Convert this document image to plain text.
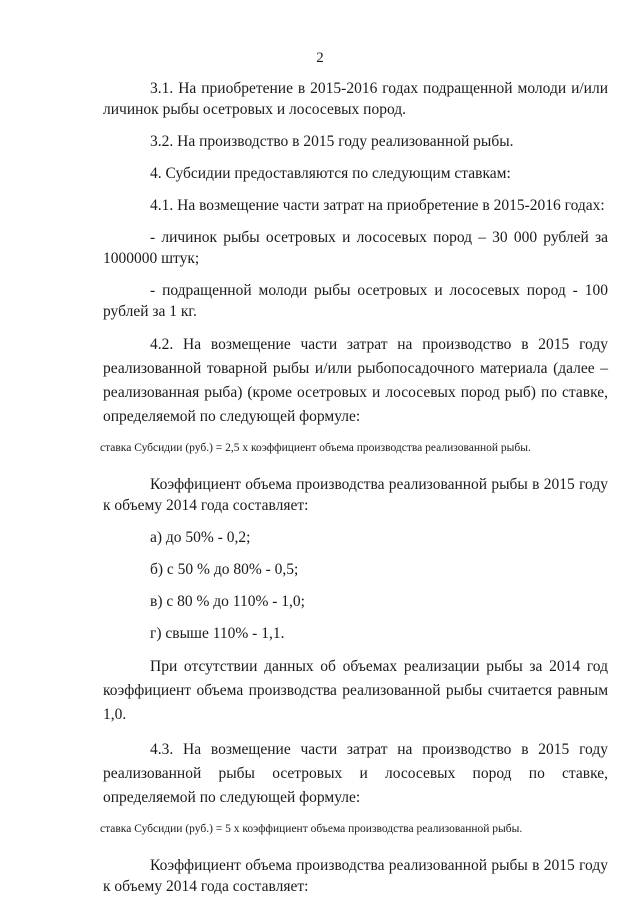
2

3.1. На приобретение в 2015-2016 годах подращенной молоди и/или личинок рыбы осетровых и лососевых пород.

3.2. На производство в 2015 году реализованной рыбы.

4. Субсидии предоставляются по следующим ставкам:

4.1. На возмещение части затрат на приобретение в 2015-2016 годах:

- личинок рыбы осетровых и лососевых пород – 30 000 рублей за 1000000 штук;

- подращенной молоди рыбы осетровых и лососевых пород - 100 рублей за 1 кг.

4.2. На возмещение части затрат на производство в 2015 году реализованной товарной рыбы и/или рыбопосадочного материала (далее – реализованная рыба) (кроме осетровых и лососевых пород рыб) по ставке, определяемой по следующей формуле:

ставка Субсидии (руб.) = 2,5 х коэффициент объема производства реализованной рыбы.

Коэффициент объема производства реализованной рыбы в 2015 году к объему 2014 года составляет:

а) до 50% - 0,2;

б) с 50 % до 80% - 0,5;

в) с 80 % до 110% - 1,0;

г) свыше 110% - 1,1.

При отсутствии данных об объемах реализации рыбы за 2014 год коэффициент объема производства реализованной рыбы считается равным 1,0.

4.3. На возмещение части затрат на производство в 2015 году реализованной рыбы осетровых и лососевых пород по ставке, определяемой по следующей формуле:

ставка Субсидии (руб.) = 5 х коэффициент объема производства реализованной рыбы.

Коэффициент объема производства реализованной рыбы в 2015 году к объему 2014 года составляет:
